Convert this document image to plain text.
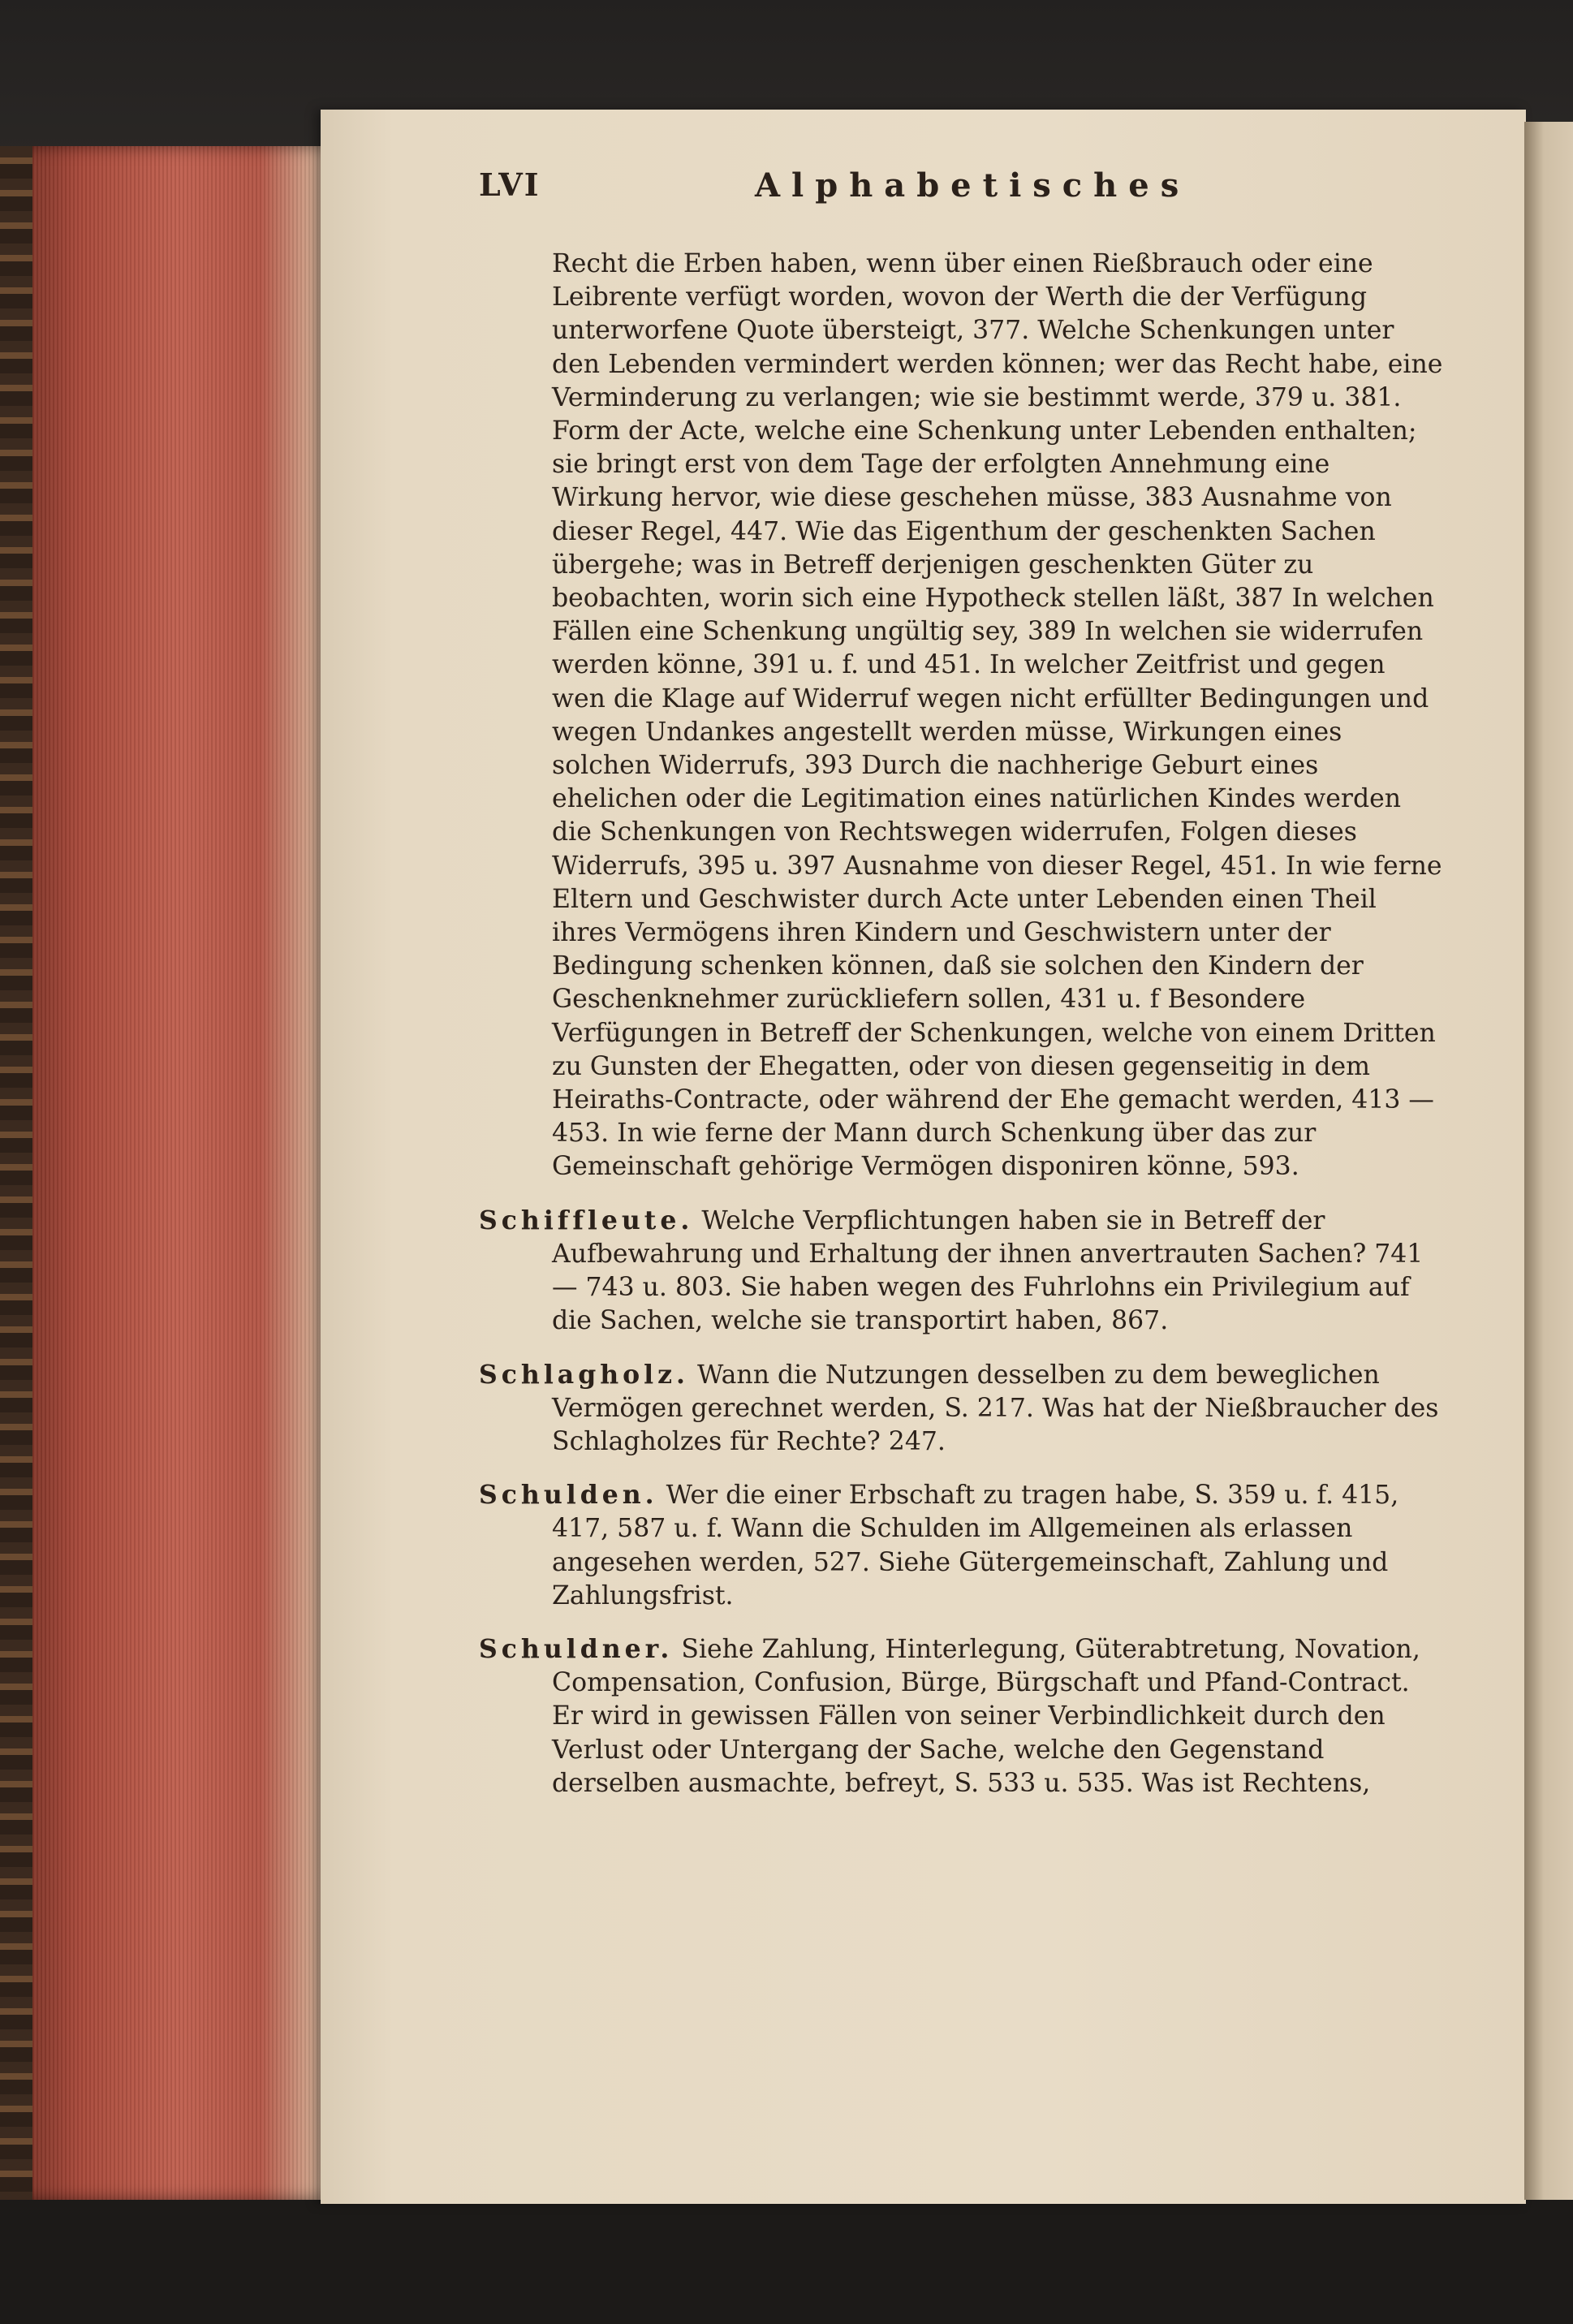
LVI	Alphabetisches

Recht die Erben haben, wenn über einen Rießbrauch oder eine Leibrente verfügt worden, wovon der Werth die der Verfügung unterworfene Quote übersteigt, 377. Welche Schenkungen unter den Lebenden vermindert werden können; wer das Recht habe, eine Verminderung zu verlangen; wie sie bestimmt werde, 379 u. 381. Form der Acte, welche eine Schenkung unter Lebenden enthalten; sie bringt erst von dem Tage der erfolgten Annehmung eine Wirkung hervor, wie diese geschehen müsse, 383 Ausnahme von dieser Regel, 447. Wie das Eigenthum der geschenkten Sachen übergehe; was in Betreff derjenigen geschenkten Güter zu beobachten, worin sich eine Hypotheck stellen läßt, 387 In welchen Fällen eine Schenkung ungültig sey, 389 In welchen sie widerrufen werden könne, 391 u. f. und 451. In welcher Zeitfrist und gegen wen die Klage auf Widerruf wegen nicht erfüllter Bedingungen und wegen Undankes angestellt werden müsse, Wirkungen eines solchen Widerrufs, 393 Durch die nachherige Geburt eines ehelichen oder die Legitimation eines natürlichen Kindes werden die Schenkungen von Rechtswegen widerrufen, Folgen dieses Widerrufs, 395 u. 397 Ausnahme von dieser Regel, 451. In wie ferne Eltern und Geschwister durch Acte unter Lebenden einen Theil ihres Vermögens ihren Kindern und Geschwistern unter der Bedingung schenken können, daß sie solchen den Kindern der Geschenknehmer zurückliefern sollen, 431 u. f Besondere Verfügungen in Betreff der Schenkungen, welche von einem Dritten zu Gunsten der Ehegatten, oder von diesen gegenseitig in dem Heiraths-Contracte, oder während der Ehe gemacht werden, 413 — 453. In wie ferne der Mann durch Schenkung über das zur Gemeinschaft gehörige Vermögen disponiren könne, 593.

Schiffleute. Welche Verpflichtungen haben sie in Betreff der Aufbewahrung und Erhaltung der ihnen anvertrauten Sachen? 741 — 743 u. 803. Sie haben wegen des Fuhrlohns ein Privilegium auf die Sachen, welche sie transportirt haben, 867.

Schlagholz. Wann die Nutzungen desselben zu dem beweglichen Vermögen gerechnet werden, S. 217. Was hat der Nießbraucher des Schlagholzes für Rechte? 247.

Schulden. Wer die einer Erbschaft zu tragen habe, S. 359 u. f. 415, 417, 587 u. f. Wann die Schulden im Allgemeinen als erlassen angesehen werden, 527. Siehe Gütergemeinschaft, Zahlung und Zahlungsfrist.

Schuldner. Siehe Zahlung, Hinterlegung, Güterabtretung, Novation, Compensation, Confusion, Bürge, Bürgschaft und Pfand-Contract. Er wird in gewissen Fällen von seiner Verbindlichkeit durch den Verlust oder Untergang der Sache, welche den Gegenstand derselben ausmachte, befreyt, S. 533 u. 535. Was ist Rechtens,
